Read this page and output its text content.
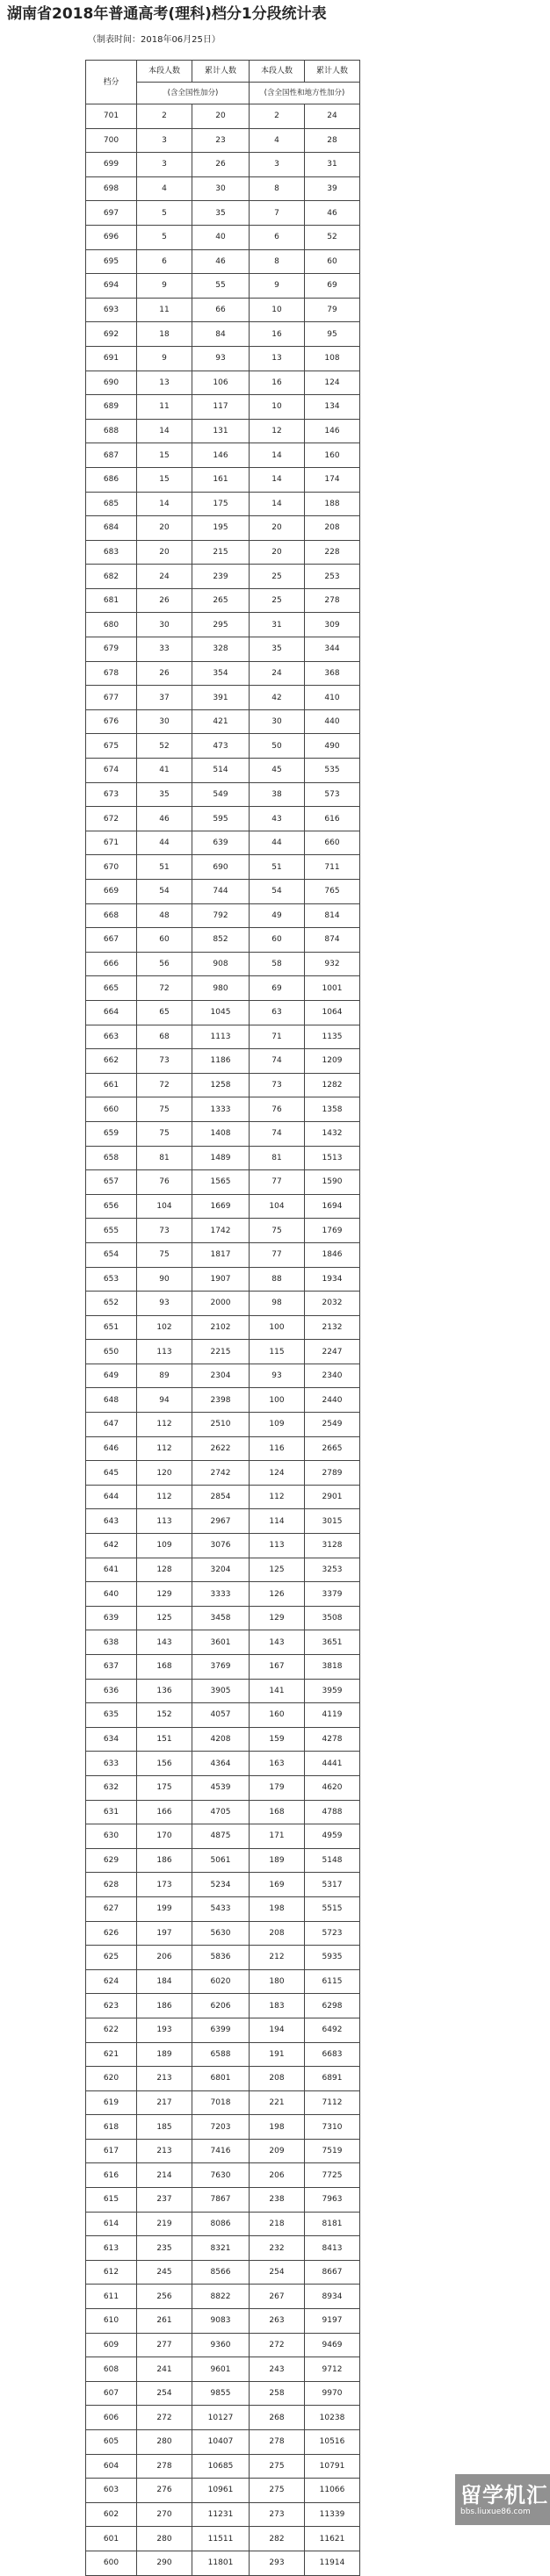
湖南省2018年普通高考(理科)档分1分段统计表

（制表时间：2018年06月25日）

档分	本段人数	累计人数	本段人数	累计人数
	(含全国性加分)		(含全国性和地方性加分)	
701	2	20	2	24
700	3	23	4	28
699	3	26	3	31
698	4	30	8	39
697	5	35	7	46
696	5	40	6	52
695	6	46	8	60
694	9	55	9	69
693	11	66	10	79
692	18	84	16	95
691	9	93	13	108
690	13	106	16	124
689	11	117	10	134
688	14	131	12	146
687	15	146	14	160
686	15	161	14	174
685	14	175	14	188
684	20	195	20	208
683	20	215	20	228
682	24	239	25	253
681	26	265	25	278
680	30	295	31	309
679	33	328	35	344
678	26	354	24	368
677	37	391	42	410
676	30	421	30	440
675	52	473	50	490
674	41	514	45	535
673	35	549	38	573
672	46	595	43	616
671	44	639	44	660
670	51	690	51	711
669	54	744	54	765
668	48	792	49	814
667	60	852	60	874
666	56	908	58	932
665	72	980	69	1001
664	65	1045	63	1064
663	68	1113	71	1135
662	73	1186	74	1209
661	72	1258	73	1282
660	75	1333	76	1358
659	75	1408	74	1432
658	81	1489	81	1513
657	76	1565	77	1590
656	104	1669	104	1694
655	73	1742	75	1769
654	75	1817	77	1846
653	90	1907	88	1934
652	93	2000	98	2032
651	102	2102	100	2132
650	113	2215	115	2247
649	89	2304	93	2340
648	94	2398	100	2440
647	112	2510	109	2549
646	112	2622	116	2665
645	120	2742	124	2789
644	112	2854	112	2901
643	113	2967	114	3015
642	109	3076	113	3128
641	128	3204	125	3253
640	129	3333	126	3379
639	125	3458	129	3508
638	143	3601	143	3651
637	168	3769	167	3818
636	136	3905	141	3959
635	152	4057	160	4119
634	151	4208	159	4278
633	156	4364	163	4441
632	175	4539	179	4620
631	166	4705	168	4788
630	170	4875	171	4959
629	186	5061	189	5148
628	173	5234	169	5317
627	199	5433	198	5515
626	197	5630	208	5723
625	206	5836	212	5935
624	184	6020	180	6115
623	186	6206	183	6298
622	193	6399	194	6492
621	189	6588	191	6683
620	213	6801	208	6891
619	217	7018	221	7112
618	185	7203	198	7310
617	213	7416	209	7519
616	214	7630	206	7725
615	237	7867	238	7963
614	219	8086	218	8181
613	235	8321	232	8413
612	245	8566	254	8667
611	256	8822	267	8934
610	261	9083	263	9197
609	277	9360	272	9469
608	241	9601	243	9712
607	254	9855	258	9970
606	272	10127	268	10238
605	280	10407	278	10516
604	278	10685	275	10791
603	276	10961	275	11066
602	270	11231	273	11339
601	280	11511	282	11621
600	290	11801	293	11914
留学机汇
bbs.liuxue86.com
